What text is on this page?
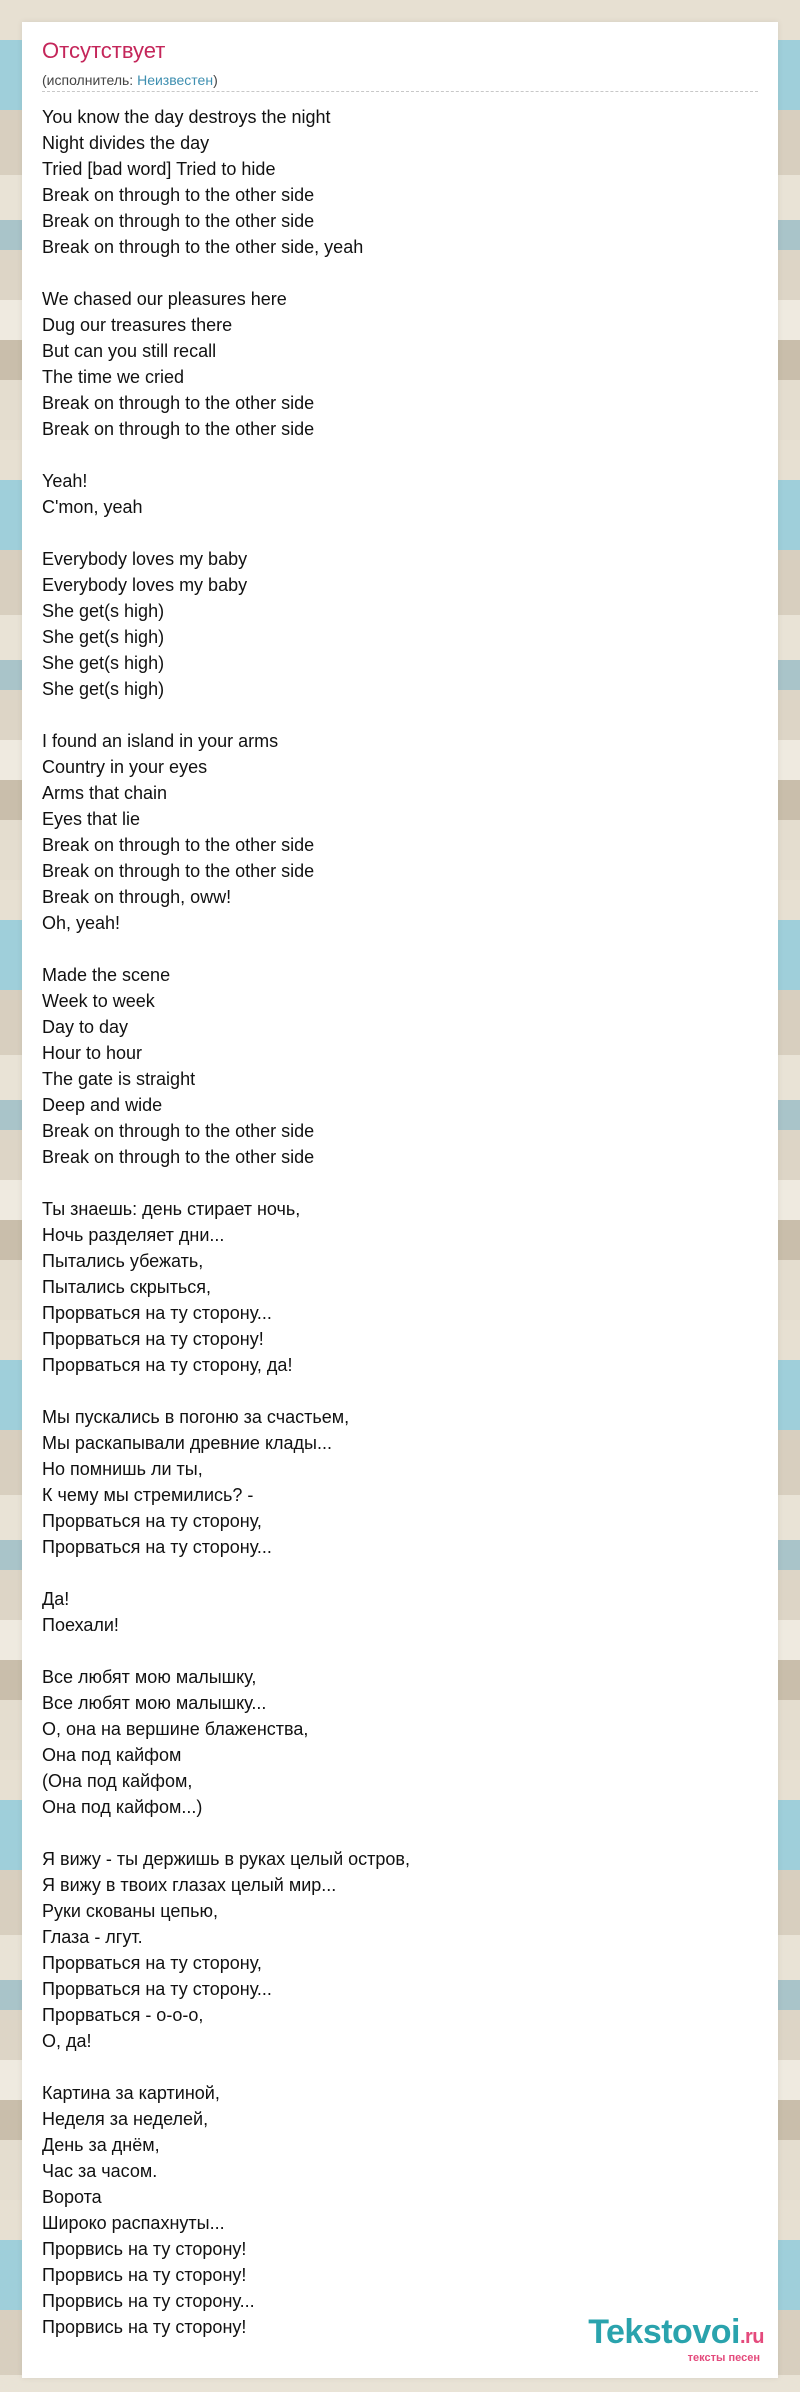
Отсутствует
(исполнитель: Неизвестен)
You know the day destroys the night
Night divides the day
Tried [bad word] Tried to hide
Break on through to the other side
Break on through to the other side
Break on through to the other side, yeah
We chased our pleasures here
Dug our treasures there
But can you still recall
The time we cried
Break on through to the other side
Break on through to the other side
Yeah!
C'mon, yeah
Everybody loves my baby
Everybody loves my baby
She get(s high)
She get(s high)
She get(s high)
She get(s high)
I found an island in your arms
Country in your eyes
Arms that chain
Eyes that lie
Break on through to the other side
Break on through to the other side
Break on through, oww!
Oh, yeah!
Made the scene
Week to week
Day to day
Hour to hour
The gate is straight
Deep and wide
Break on through to the other side
Break on through to the other side
Ты знаешь: день стирает ночь,
Ночь разделяет дни...
Пытались убежать,
Пытались скрыться,
Прорваться на ту сторону...
Прорваться на ту сторону!
Прорваться на ту сторону, да!
Мы пускались в погоню за счастьем,
Мы раскапывали древние клады...
Но помнишь ли ты,
К чему мы стремились? -
Прорваться на ту сторону,
Прорваться на ту сторону...
Да!
Поехали!
Все любят мою малышку,
Все любят мою малышку...
О, она на вершине блаженства,
Она под кайфом
(Она под кайфом,
Она под кайфом...)
Я вижу - ты держишь в руках целый остров,
Я вижу в твоих глазах целый мир...
Руки скованы цепью,
Глаза - лгут.
Прорваться на ту сторону,
Прорваться на ту сторону...
Прорваться - о-о-о,
О, да!
Картина за картиной,
Неделя за неделей,
День за днём,
Час за часом.
Ворота
Широко распахнуты...
Прорвись на ту сторону!
Прорвись на ту сторону!
Прорвись на ту сторону...
Прорвись на ту сторону!	Tekstovoi.ru
тексты песен
